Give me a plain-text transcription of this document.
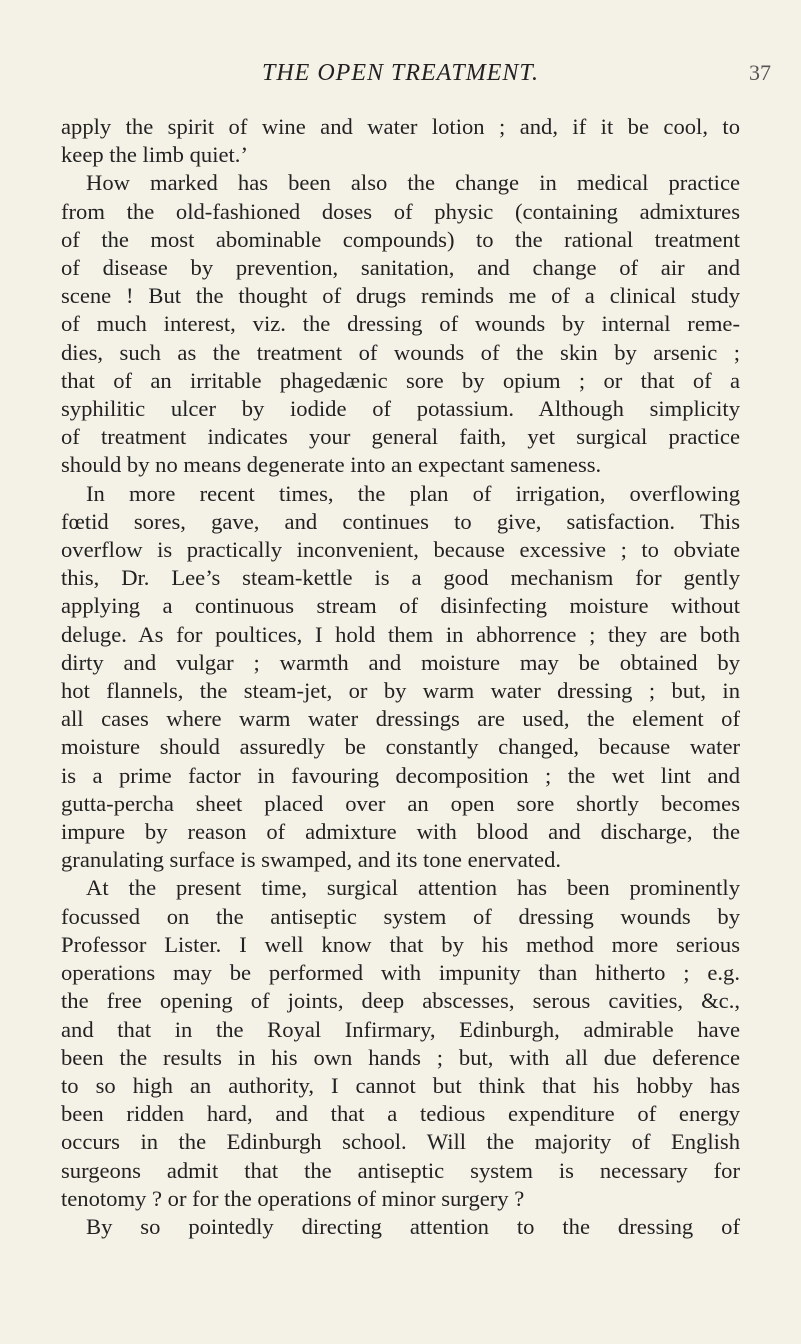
THE OPEN TREATMENT.	37
apply the spirit of wine and water lotion ; and, if it be cool, to
keep the limb quiet.’
How marked has been also the change in medical practice
from the old-fashioned doses of physic (containing admixtures
of the most abominable compounds) to the rational treatment
of disease by prevention, sanitation, and change of air and
scene ! But the thought of drugs reminds me of a clinical study
of much interest, viz. the dressing of wounds by internal reme-
dies, such as the treatment of wounds of the skin by arsenic ;
that of an irritable phagedænic sore by opium ; or that of a
syphilitic ulcer by iodide of potassium. Although simplicity
of treatment indicates your general faith, yet surgical practice
should by no means degenerate into an expectant sameness.
In more recent times, the plan of irrigation, overflowing
fœtid sores, gave, and continues to give, satisfaction. This
overflow is practically inconvenient, because excessive ; to obviate
this, Dr. Lee’s steam-kettle is a good mechanism for gently
applying a continuous stream of disinfecting moisture without
deluge. As for poultices, I hold them in abhorrence ; they are both
dirty and vulgar ; warmth and moisture may be obtained by
hot flannels, the steam-jet, or by warm water dressing ; but, in
all cases where warm water dressings are used, the element of
moisture should assuredly be constantly changed, because water
is a prime factor in favouring decomposition ; the wet lint and
gutta-percha sheet placed over an open sore shortly becomes
impure by reason of admixture with blood and discharge, the
granulating surface is swamped, and its tone enervated.
At the present time, surgical attention has been prominently
focussed on the antiseptic system of dressing wounds by
Professor Lister. I well know that by his method more serious
operations may be performed with impunity than hitherto ; e.g.
the free opening of joints, deep abscesses, serous cavities, &c.,
and that in the Royal Infirmary, Edinburgh, admirable have
been the results in his own hands ; but, with all due deference
to so high an authority, I cannot but think that his hobby has
been ridden hard, and that a tedious expenditure of energy
occurs in the Edinburgh school. Will the majority of English
surgeons admit that the antiseptic system is necessary for
tenotomy ? or for the operations of minor surgery ?
By so pointedly directing attention to the dressing of
